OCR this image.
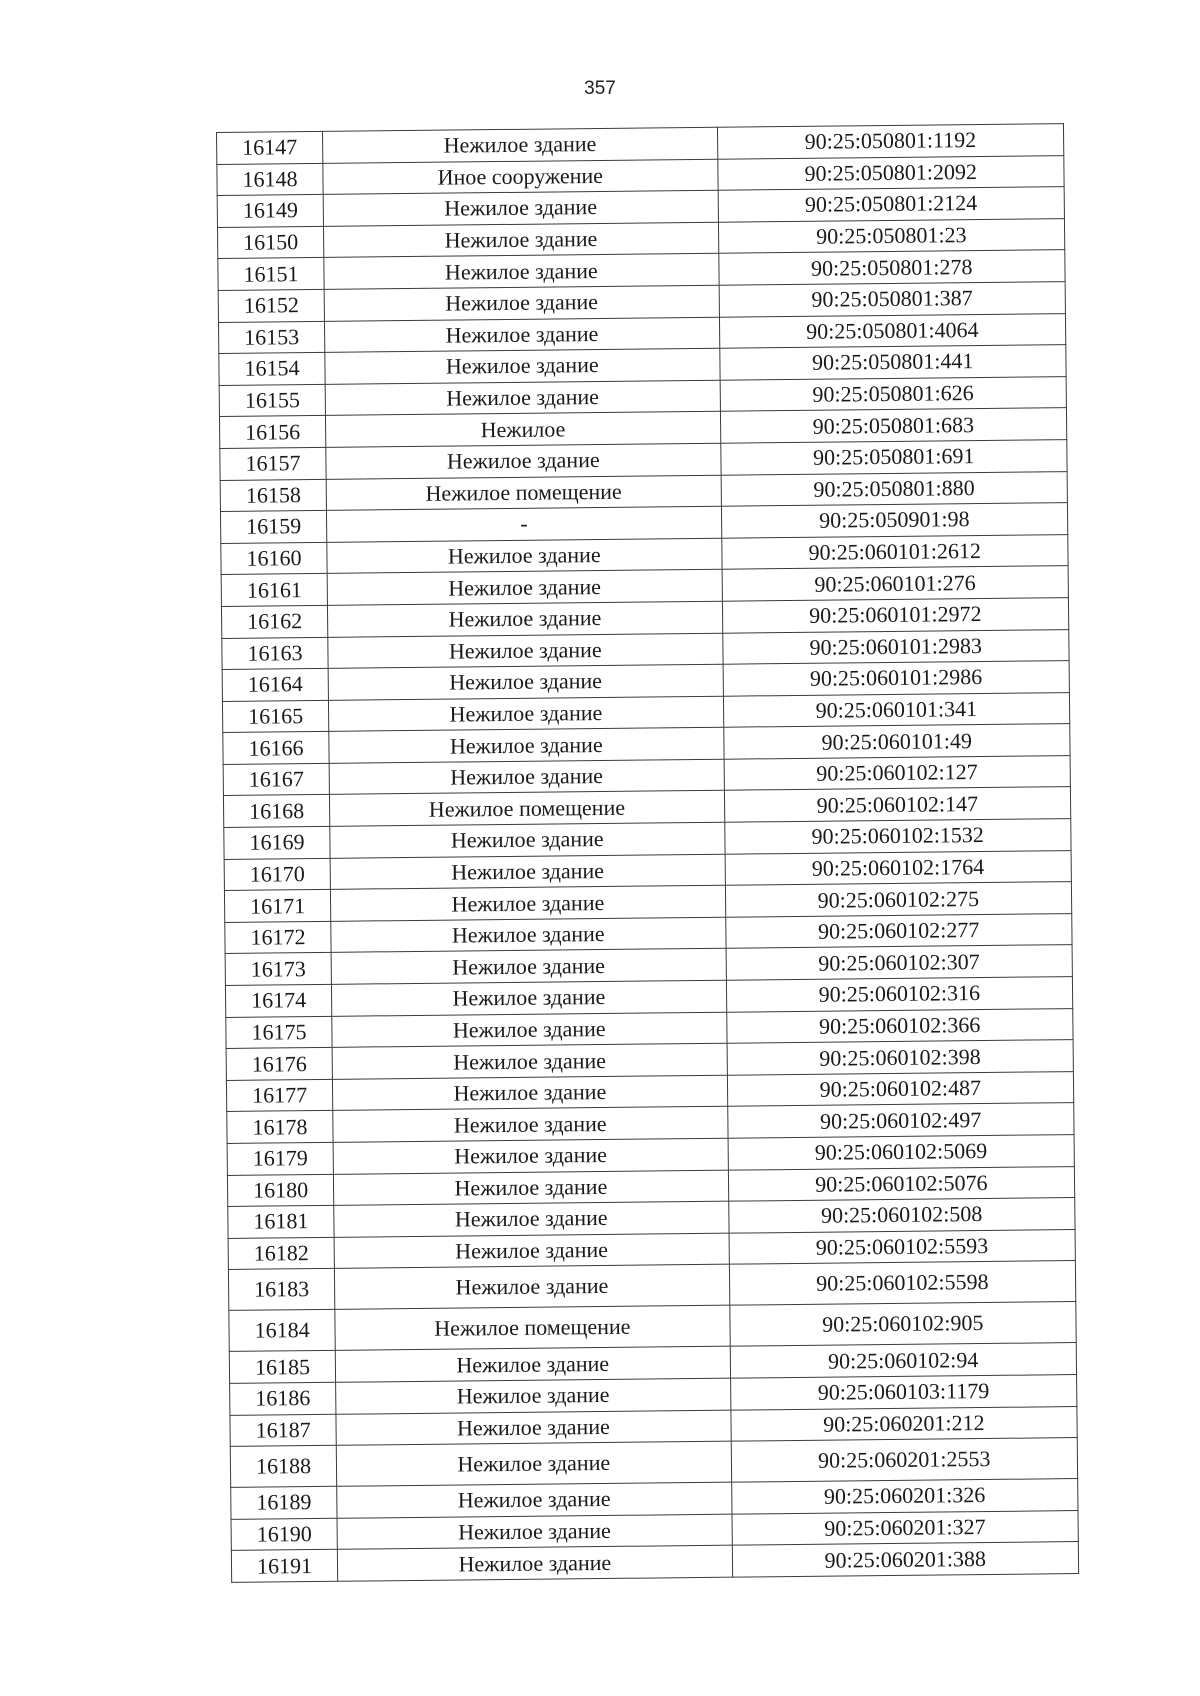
357
16147	Нежилое здание	90:25:050801:1192
16148	Иное сооружение	90:25:050801:2092
16149	Нежилое здание	90:25:050801:2124
16150	Нежилое здание	90:25:050801:23
16151	Нежилое здание	90:25:050801:278
16152	Нежилое здание	90:25:050801:387
16153	Нежилое здание	90:25:050801:4064
16154	Нежилое здание	90:25:050801:441
16155	Нежилое здание	90:25:050801:626
16156	Нежилое	90:25:050801:683
16157	Нежилое здание	90:25:050801:691
16158	Нежилое помещение	90:25:050801:880
16159	-	90:25:050901:98
16160	Нежилое здание	90:25:060101:2612
16161	Нежилое здание	90:25:060101:276
16162	Нежилое здание	90:25:060101:2972
16163	Нежилое здание	90:25:060101:2983
16164	Нежилое здание	90:25:060101:2986
16165	Нежилое здание	90:25:060101:341
16166	Нежилое здание	90:25:060101:49
16167	Нежилое здание	90:25:060102:127
16168	Нежилое помещение	90:25:060102:147
16169	Нежилое здание	90:25:060102:1532
16170	Нежилое здание	90:25:060102:1764
16171	Нежилое здание	90:25:060102:275
16172	Нежилое здание	90:25:060102:277
16173	Нежилое здание	90:25:060102:307
16174	Нежилое здание	90:25:060102:316
16175	Нежилое здание	90:25:060102:366
16176	Нежилое здание	90:25:060102:398
16177	Нежилое здание	90:25:060102:487
16178	Нежилое здание	90:25:060102:497
16179	Нежилое здание	90:25:060102:5069
16180	Нежилое здание	90:25:060102:5076
16181	Нежилое здание	90:25:060102:508
16182	Нежилое здание	90:25:060102:5593
16183	Нежилое здание	90:25:060102:5598
16184	Нежилое помещение	90:25:060102:905
16185	Нежилое здание	90:25:060102:94
16186	Нежилое здание	90:25:060103:1179
16187	Нежилое здание	90:25:060201:212
16188	Нежилое здание	90:25:060201:2553
16189	Нежилое здание	90:25:060201:326
16190	Нежилое здание	90:25:060201:327
16191	Нежилое здание	90:25:060201:388
